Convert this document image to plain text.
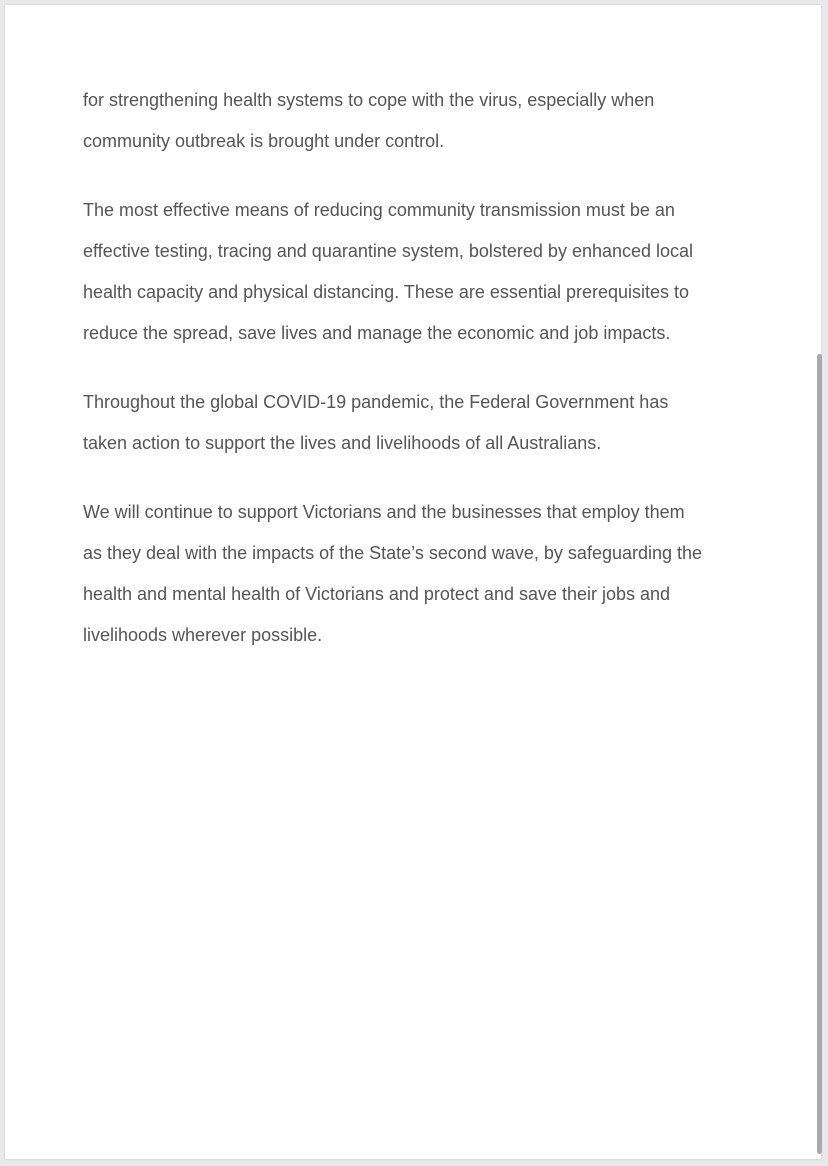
for strengthening health systems to cope with the virus, especially when
community outbreak is brought under control.

The most effective means of reducing community transmission must be an
effective testing, tracing and quarantine system, bolstered by enhanced local
health capacity and physical distancing. These are essential prerequisites to
reduce the spread, save lives and manage the economic and job impacts.

Throughout the global COVID-19 pandemic, the Federal Government has
taken action to support the lives and livelihoods of all Australians.

We will continue to support Victorians and the businesses that employ them
as they deal with the impacts of the State’s second wave, by safeguarding the
health and mental health of Victorians and protect and save their jobs and
livelihoods wherever possible.
